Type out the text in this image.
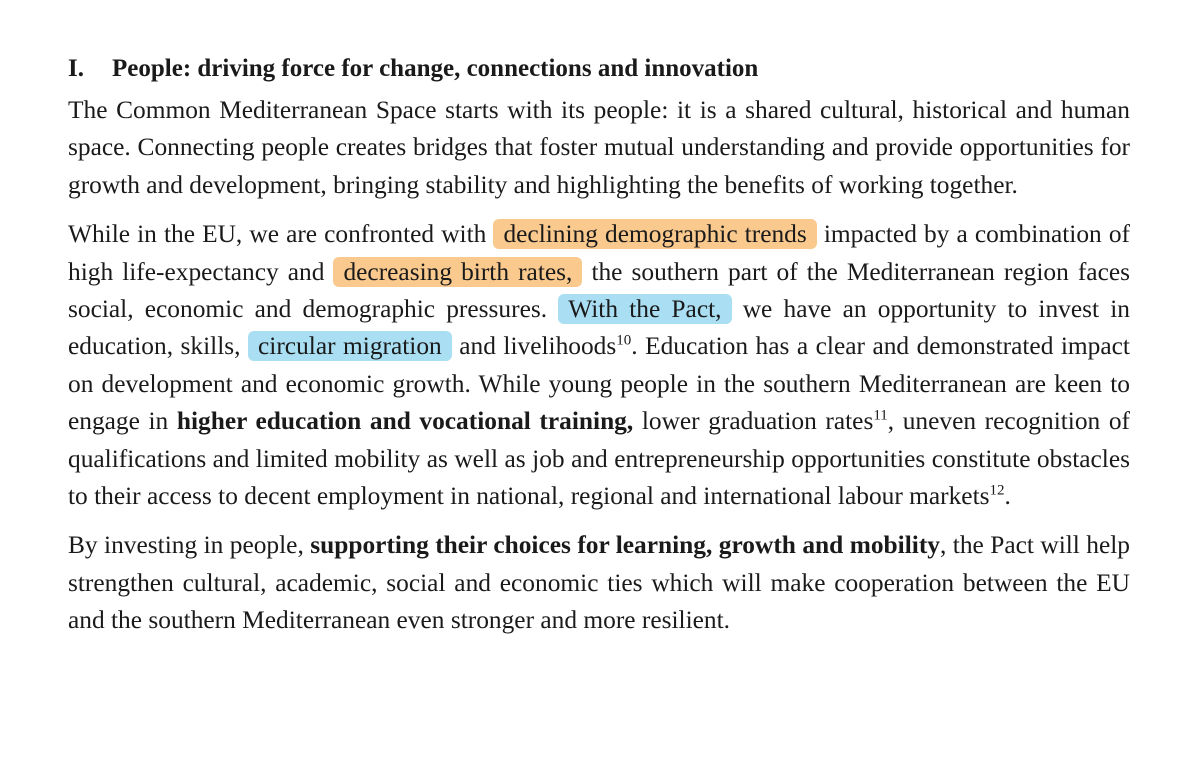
I.	People: driving force for change, connections and innovation

The Common Mediterranean Space starts with its people: it is a shared cultural, historical and human space. Connecting people creates bridges that foster mutual understanding and provide opportunities for growth and development, bringing stability and highlighting the benefits of working together.

While in the EU, we are confronted with declining demographic trends impacted by a combination of high life-expectancy and decreasing birth rates, the southern part of the Mediterranean region faces social, economic and demographic pressures. With the Pact, we have an opportunity to invest in education, skills, circular migration and livelihoods$^{10}$. Education has a clear and demonstrated impact on development and economic growth. While young people in the southern Mediterranean are keen to engage in higher education and vocational training, lower graduation rates$^{11}$, uneven recognition of qualifications and limited mobility as well as job and entrepreneurship opportunities constitute obstacles to their access to decent employment in national, regional and international labour markets$^{12}$.

By investing in people, supporting their choices for learning, growth and mobility, the Pact will help strengthen cultural, academic, social and economic ties which will make cooperation between the EU and the southern Mediterranean even stronger and more resilient.
